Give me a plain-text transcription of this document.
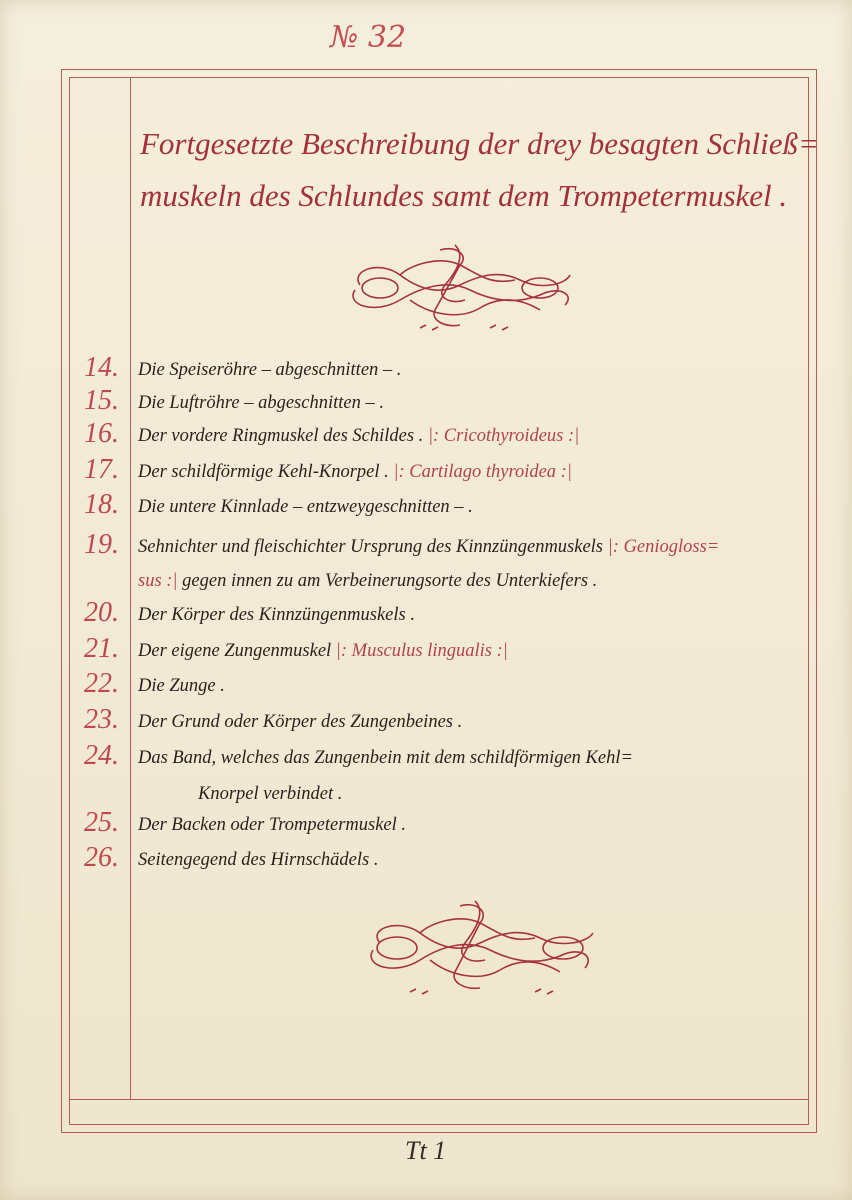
№ 32
Fortgesetzte Beschreibung der drey besagten Schließ=
muskeln des Schlundes samt dem Trompetermuskel .
14.	Die Speiseröhre – abgeschnitten – .
15.	Die Luftröhre – abgeschnitten – .
16.	Der vordere Ringmuskel des Schildes . |: Cricothyroideus :|
17.	Der schildförmige Kehl-Knorpel . |: Cartilago thyroidea :|
18.	Die untere Kinnlade – entzweygeschnitten – .
19.	Sehnichter und fleischichter Ursprung des Kinnzüngenmuskels |: Geniogloss=
sus :| gegen innen zu am Verbeinerungsorte des Unterkiefers .
20.	Der Körper des Kinnzüngenmuskels .
21.	Der eigene Zungenmuskel |: Musculus lingualis :|
22.	Die Zunge .
23.	Der Grund oder Körper des Zungenbeines .
24.	Das Band, welches das Zungenbein mit dem schildförmigen Kehl=
Knorpel verbindet .
25.	Der Backen oder Trompetermuskel .
26.	Seitengegend des Hirnschädels .
Tt 1
